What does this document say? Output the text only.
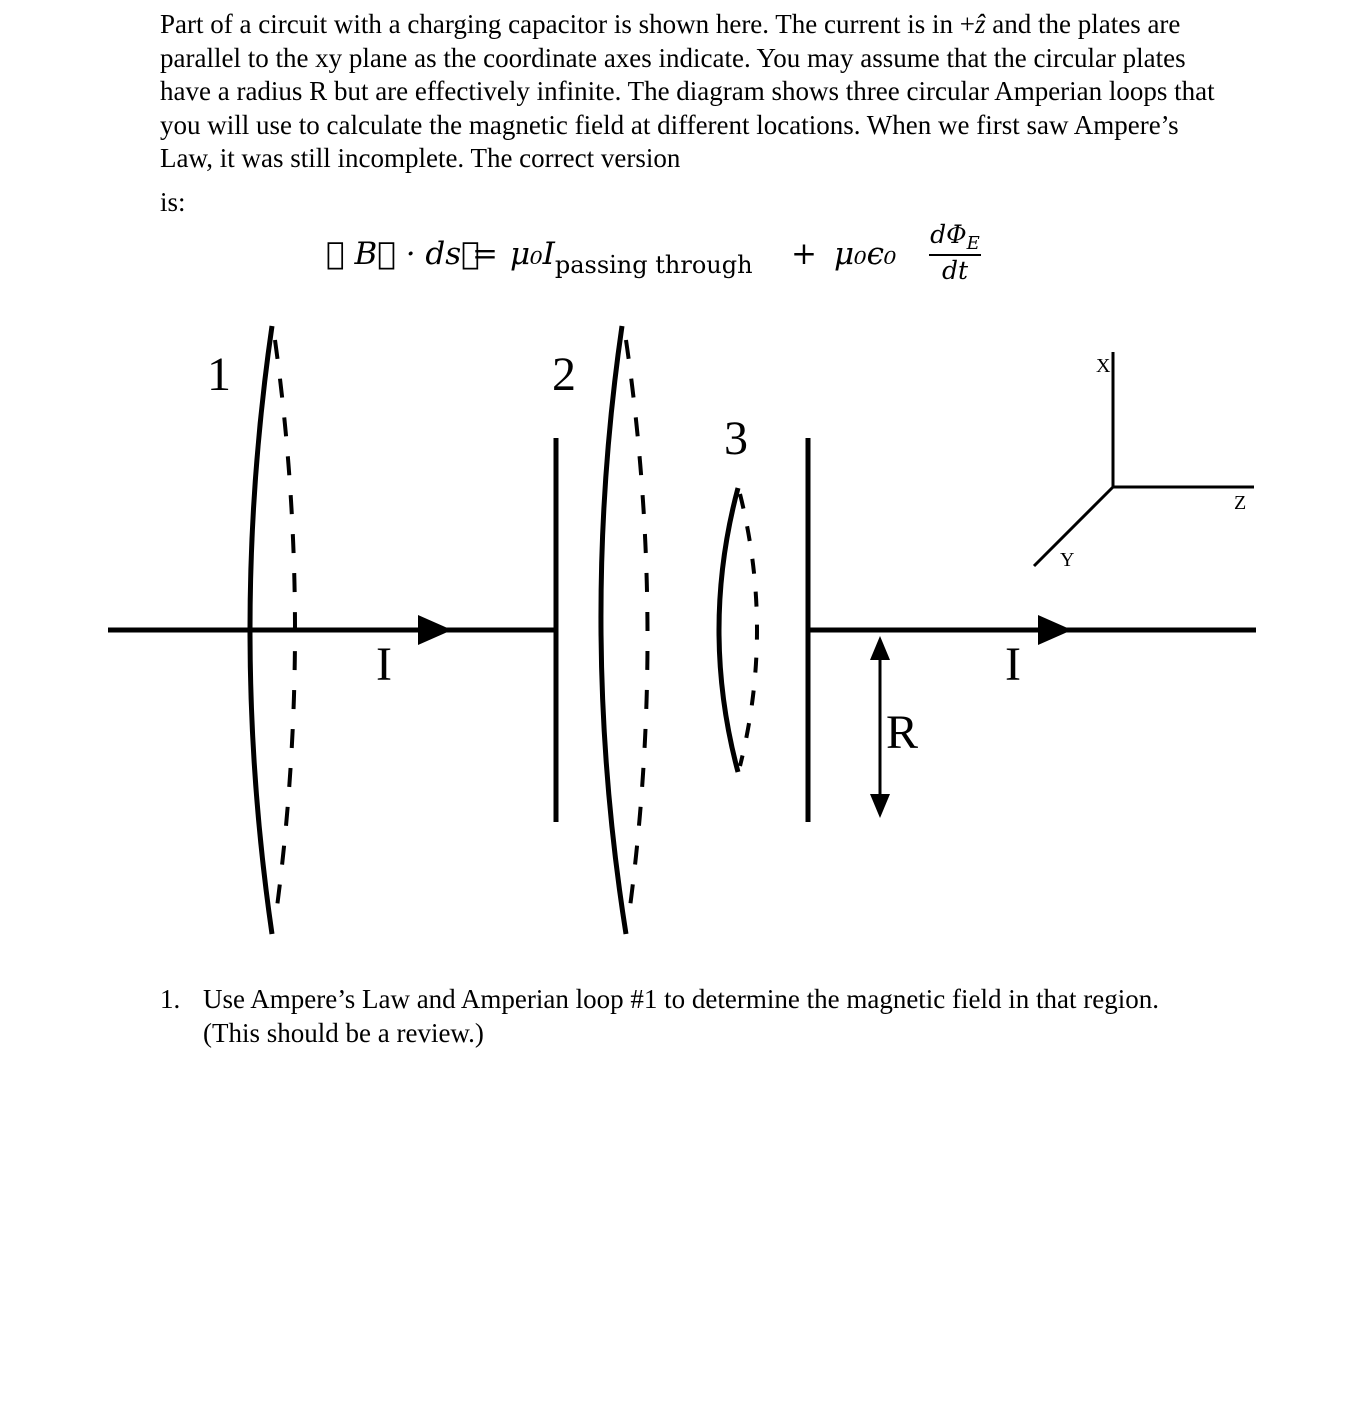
Part of a circuit with a charging capacitor is shown here. The current is in +ẑ and the plates are parallel to the xy plane as the coordinate axes indicate. You may assume that the circular plates have a radius R but are effectively infinite. The diagram shows three circular Amperian loops that you will use to calculate the magnetic field at different locations. When we first saw Ampere’s Law, it was still incomplete. The correct version
is:

∮ B⃗ · ds⃗
= $\mu_0I_{passing through} + \mu_0\epsilon_0$
$d\Phi_E$
dt
1	2
3
I	I
R
X
Y
Z
1. Use Ampere’s Law and Amperian loop #1 to determine the magnetic field in that region. (This should be a review.)
